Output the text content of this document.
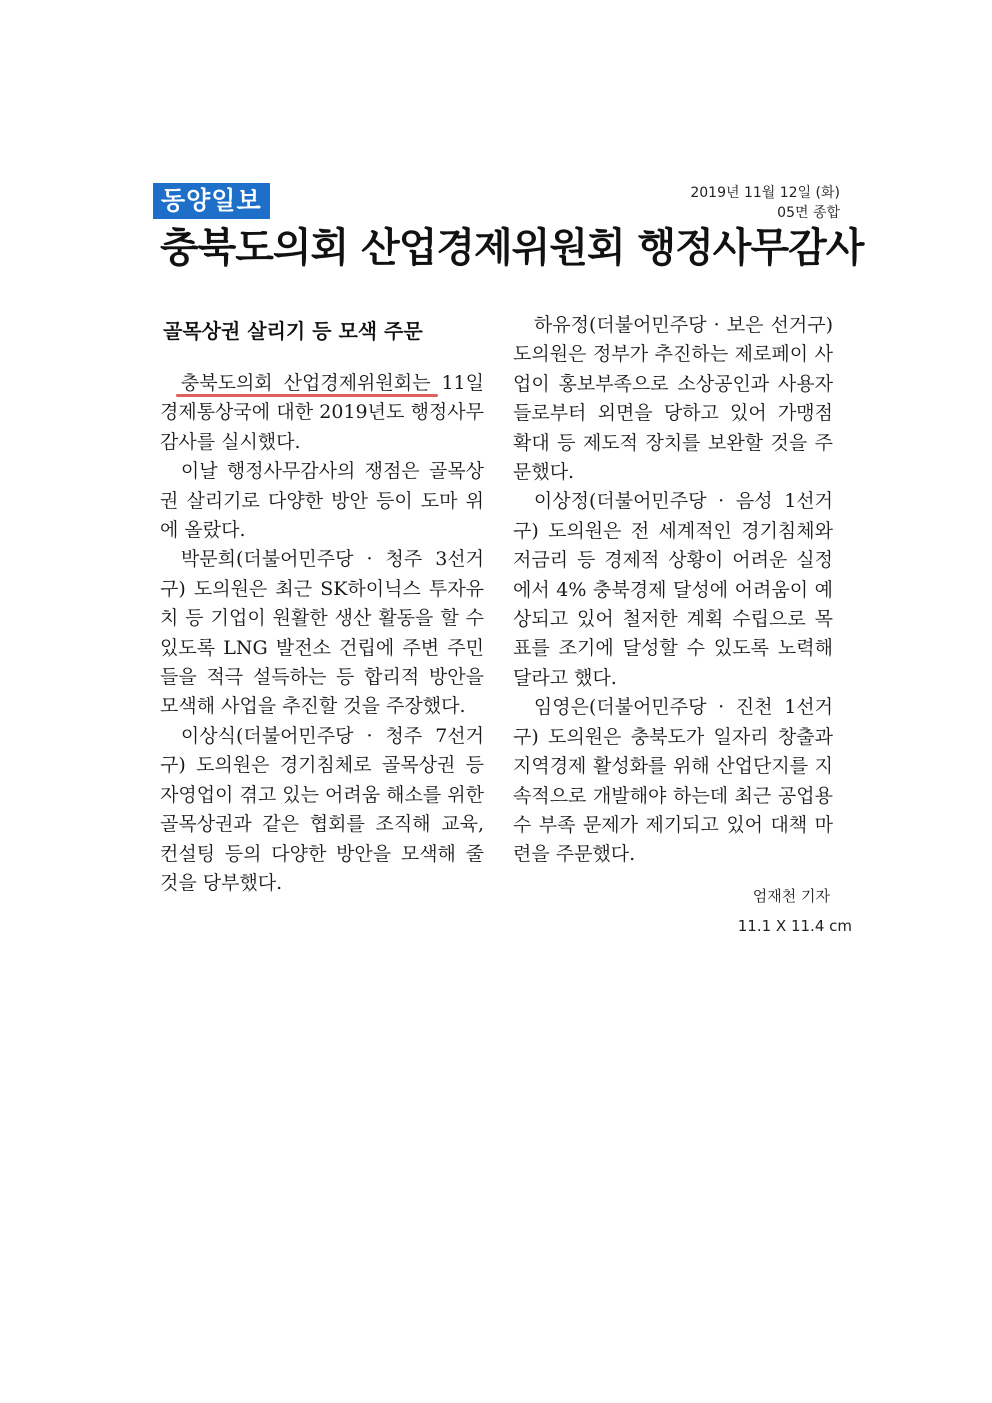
동양일보	2019년 11월 12일 (화)
05면 종합
충북도의회 산업경제위원회 행정사무감사
골목상권 살리기 등 모색 주문

충북도의회 산업경제위원회는 11일 경제통상국에 대한 2019년도 행정사무감사를 실시했다.

이날 행정사무감사의 쟁점은 골목상권 살리기로 다양한 방안 등이 도마 위에 올랐다.

박문희(더불어민주당 · 청주 3선거구) 도의원은 최근 SK하이닉스 투자유치 등 기업이 원활한 생산 활동을 할 수 있도록 LNG 발전소 건립에 주변 주민들을 적극 설득하는 등 합리적 방안을 모색해 사업을 추진할 것을 주장했다.

이상식(더불어민주당 · 청주 7선거구) 도의원은 경기침체로 골목상권 등 자영업이 겪고 있는 어려움 해소를 위한 골목상권과 같은 협회를 조직해 교육, 컨설팅 등의 다양한 방안을 모색해 줄 것을 당부했다.

하유정(더불어민주당 · 보은 선거구) 도의원은 정부가 추진하는 제로페이 사업이 홍보부족으로 소상공인과 사용자들로부터 외면을 당하고 있어 가맹점 확대 등 제도적 장치를 보완할 것을 주문했다.

이상정(더불어민주당 · 음성 1선거구) 도의원은 전 세계적인 경기침체와 저금리 등 경제적 상황이 어려운 실정에서 4% 충북경제 달성에 어려움이 예상되고 있어 철저한 계획 수립으로 목표를 조기에 달성할 수 있도록 노력해 달라고 했다.

임영은(더불어민주당 · 진천 1선거구) 도의원은 충북도가 일자리 창출과 지역경제 활성화를 위해 산업단지를 지속적으로 개발해야 하는데 최근 공업용수 부족 문제가 제기되고 있어 대책 마련을 주문했다.

엄재천 기자
11.1 X 11.4 cm
